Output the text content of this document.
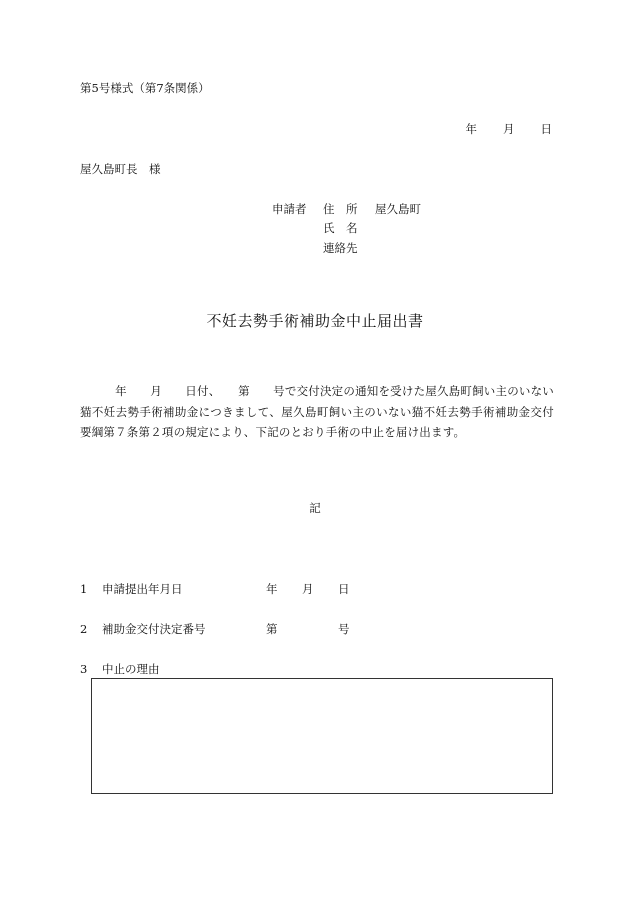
第5号様式（第7条関係）
年 月 日
屋久島町長　様
申請者 住　所 屋久島町
氏　名
連絡先
不妊去勢手術補助金中止届出書
　　　年　　月　　日付、　　第　　号で交付決定の通知を受けた屋久島町飼い主のいない猫不妊去勢手術補助金につきまして、屋久島町飼い主のいない猫不妊去勢手術補助金交付要綱第７条第２項の規定により、下記のとおり手術の中止を届け出ます。
記
1 申請提出年月日	年 月 日
2 補助金交付決定番号	第	号
3 中止の理由
